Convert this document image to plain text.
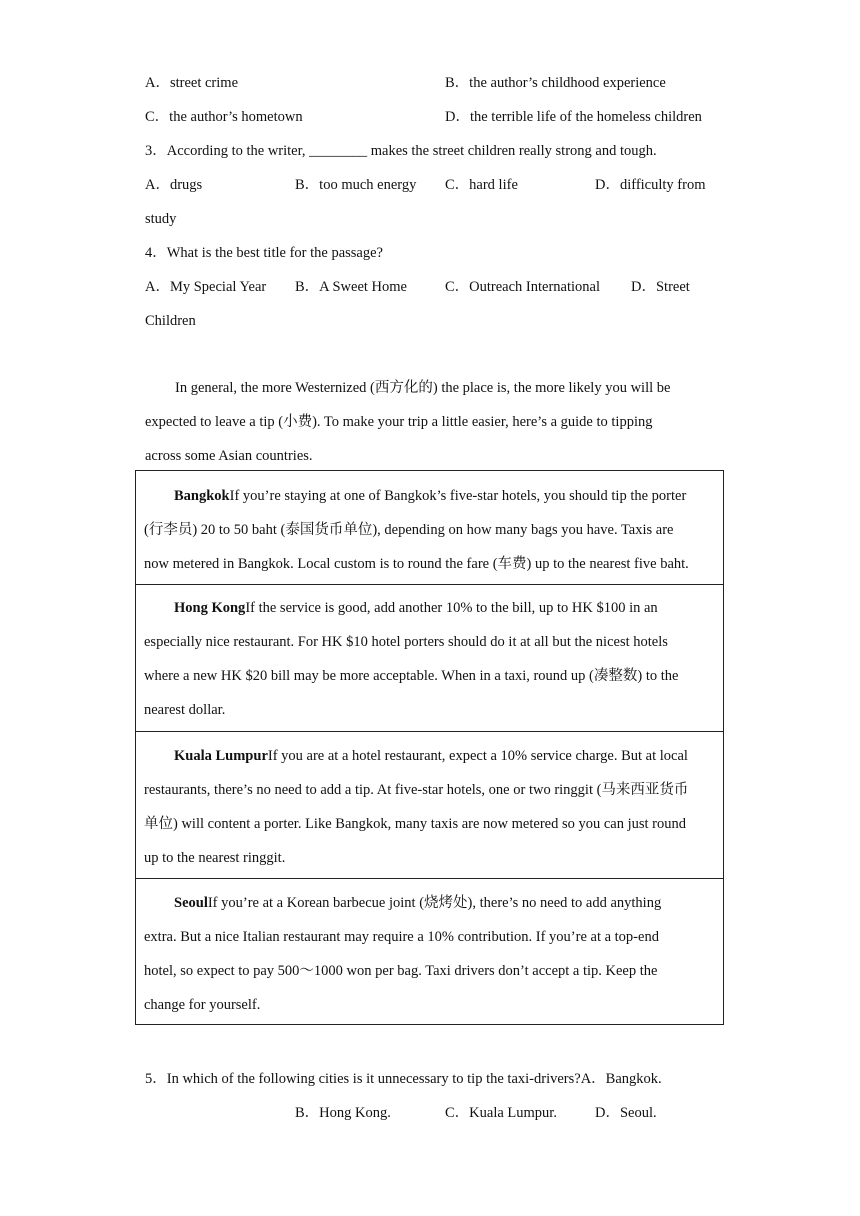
A．street crime	B．the author’s childhood experience
C．the author’s hometown	D．the terrible life of the homeless children
3．According to the writer, ________ makes the street children really strong and tough.
A．drugs	B．too much energy C．hard life	D．difficulty from
study
4．What is the best title for the passage?
A．My Special Year B．A Sweet Home	C．Outreach International D．Street
Children
In general, the more Westernized (西方化的) the place is, the more likely you will be
expected to leave a tip (小费). To make your trip a little easier, here’s a guide to tipping
across some Asian countries.
BangkokIf you’re staying at one of Bangkok’s five-star hotels, you should tip the porter
(行李员) 20 to 50 baht (泰国货币单位), depending on how many bags you have. Taxis are
now metered in Bangkok. Local custom is to round the fare (车费) up to the nearest five baht.
Hong KongIf the service is good, add another 10% to the bill, up to HK $100 in an
especially nice restaurant. For HK $10 hotel porters should do it at all but the nicest hotels
where a new HK $20 bill may be more acceptable. When in a taxi, round up (凑整数) to the
nearest dollar.
Kuala LumpurIf you are at a hotel restaurant, expect a 10% service charge. But at local
restaurants, there’s no need to add a tip. At five-star hotels, one or two ringgit (马来西亚货币
单位) will content a porter. Like Bangkok, many taxis are now metered so you can just round
up to the nearest ringgit.
SeoulIf you’re at a Korean barbecue joint (烧烤处), there’s no need to add anything
extra. But a nice Italian restaurant may require a 10% contribution. If you’re at a top-end
hotel, so expect to pay 500～1000 won per bag. Taxi drivers don’t accept a tip. Keep the
change for yourself.
5．In which of the following cities is it unnecessary to tip the taxi-drivers?A．Bangkok.
B．Hong Kong.	C．Kuala Lumpur.	D．Seoul.
